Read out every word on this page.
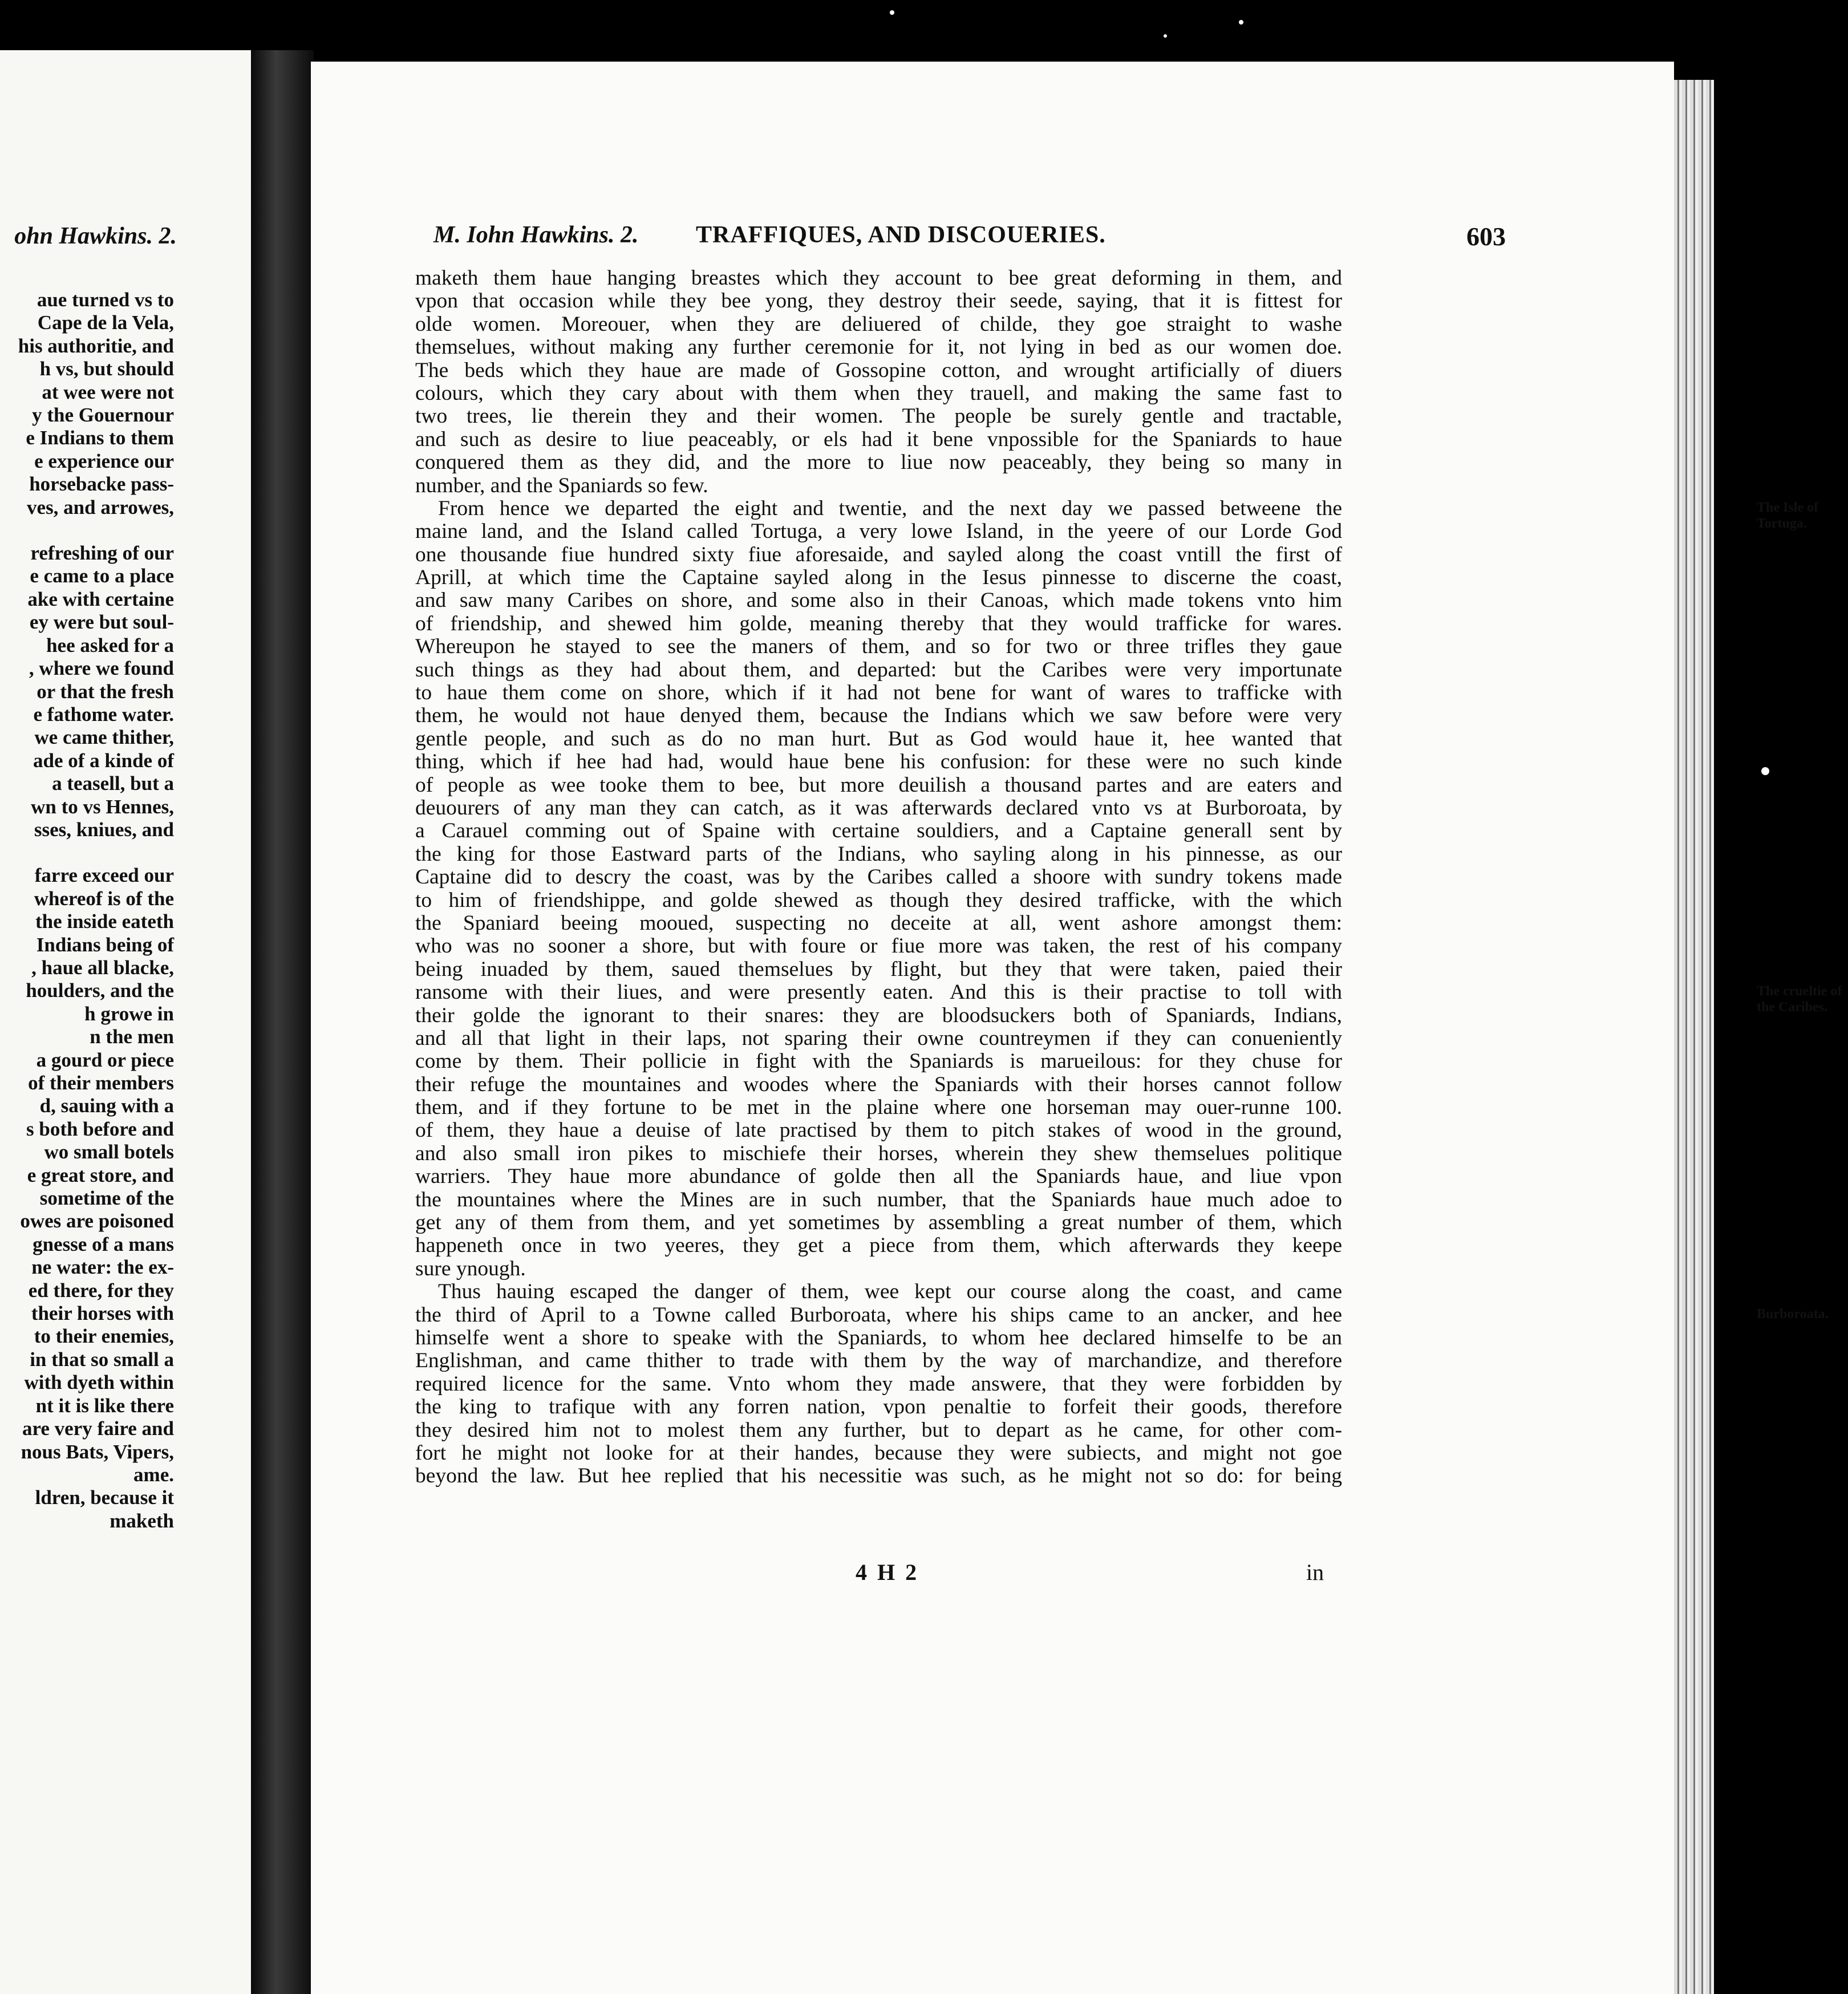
ohn Hawkins. 2.
aue turned vs to
Cape de la Vela,
his authoritie, and
h vs, but should
at wee were not
y the Gouernour
e Indians to them
e experience our
horsebacke pass-
ves, and arrowes,
refreshing of our
e came to a place
ake with certaine
ey were but soul-
hee asked for a
, where we found
or that the fresh
e fathome water.
we came thither,
ade of a kinde of
a teasell, but a
wn to vs Hennes,
sses, kniues, and
farre exceed our
whereof is of the
the inside eateth
Indians being of
, haue all blacke,
houlders, and the
h growe in
n the men
a gourd or piece
of their members
d, sauing with a
s both before and
wo small botels
e great store, and
sometime of the
owes are poisoned
gnesse of a mans
ne water: the ex-
ed there, for they
their horses with
to their enemies,
in that so small a
with dyeth within
nt it is like there
are very faire and
nous Bats, Vipers,
ame.
ldren, because it
maketh
M. Iohn Hawkins. 2. TRAFFIQUES, AND DISCOUERIES.	603
The Isle of
Tortuga.
The crueltie of
the Caribes.
Burboroata.
maketh them haue hanging breastes which they account to bee great deforming in them, and
vpon that occasion while they bee yong, they destroy their seede, saying, that it is fittest for
olde women. Moreouer, when they are deliuered of childe, they goe straight to washe
themselues, without making any further ceremonie for it, not lying in bed as our women doe.
The beds which they haue are made of Gossopine cotton, and wrought artificially of diuers
colours, which they cary about with them when they trauell, and making the same fast to
two trees, lie therein they and their women. The people be surely gentle and tractable,
and such as desire to liue peaceably, or els had it bene vnpossible for the Spaniards to haue
conquered them as they did, and the more to liue now peaceably, they being so many in
number, and the Spaniards so few.
From hence we departed the eight and twentie, and the next day we passed betweene the
maine land, and the Island called Tortuga, a very lowe Island, in the yeere of our Lorde God
one thousande fiue hundred sixty fiue aforesaide, and sayled along the coast vntill the first of
Aprill, at which time the Captaine sayled along in the Iesus pinnesse to discerne the coast,
and saw many Caribes on shore, and some also in their Canoas, which made tokens vnto him
of friendship, and shewed him golde, meaning thereby that they would trafficke for wares.
Whereupon he stayed to see the maners of them, and so for two or three trifles they gaue
such things as they had about them, and departed: but the Caribes were very importunate
to haue them come on shore, which if it had not bene for want of wares to trafficke with
them, he would not haue denyed them, because the Indians which we saw before were very
gentle people, and such as do no man hurt. But as God would haue it, hee wanted that
thing, which if hee had had, would haue bene his confusion: for these were no such kinde
of people as wee tooke them to bee, but more deuilish a thousand partes and are eaters and
deuourers of any man they can catch, as it was afterwards declared vnto vs at Burboroata, by
a Carauel comming out of Spaine with certaine souldiers, and a Captaine generall sent by
the king for those Eastward parts of the Indians, who sayling along in his pinnesse, as our
Captaine did to descry the coast, was by the Caribes called a shoore with sundry tokens made
to him of friendshippe, and golde shewed as though they desired trafficke, with the which
the Spaniard beeing mooued, suspecting no deceite at all, went ashore amongst them:
who was no sooner a shore, but with foure or fiue more was taken, the rest of his company
being inuaded by them, saued themselues by flight, but they that were taken, paied their
ransome with their liues, and were presently eaten. And this is their practise to toll with
their golde the ignorant to their snares: they are bloodsuckers both of Spaniards, Indians,
and all that light in their laps, not sparing their owne countreymen if they can conueniently
come by them. Their pollicie in fight with the Spaniards is marueilous: for they chuse for
their refuge the mountaines and woodes where the Spaniards with their horses cannot follow
them, and if they fortune to be met in the plaine where one horseman may ouer-runne 100.
of them, they haue a deuise of late practised by them to pitch stakes of wood in the ground,
and also small iron pikes to mischiefe their horses, wherein they shew themselues politique
warriers. They haue more abundance of golde then all the Spaniards haue, and liue vpon
the mountaines where the Mines are in such number, that the Spaniards haue much adoe to
get any of them from them, and yet sometimes by assembling a great number of them, which
happeneth once in two yeeres, they get a piece from them, which afterwards they keepe
sure ynough.
Thus hauing escaped the danger of them, wee kept our course along the coast, and came
the third of April to a Towne called Burboroata, where his ships came to an ancker, and hee
himselfe went a shore to speake with the Spaniards, to whom hee declared himselfe to be an
Englishman, and came thither to trade with them by the way of marchandize, and therefore
required licence for the same. Vnto whom they made answere, that they were forbidden by
the king to trafique with any forren nation, vpon penaltie to forfeit their goods, therefore
they desired him not to molest them any further, but to depart as he came, for other com-
fort he might not looke for at their handes, because they were subiects, and might not goe
beyond the law. But hee replied that his necessitie was such, as he might not so do: for being
4 H 2	in
